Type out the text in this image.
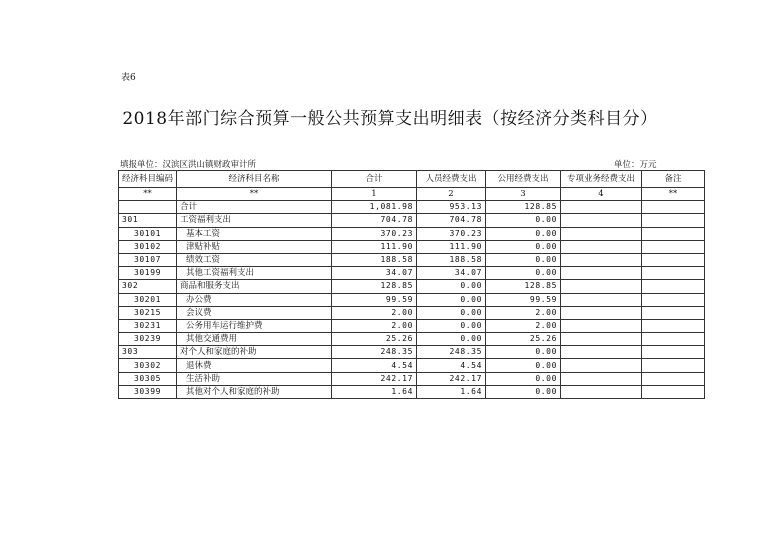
表6
2018年部门综合预算一般公共预算支出明细表（按经济分类科目分）
填报单位：汉滨区洪山镇财政审计所	单位：万元
经济科目编码	经济科目名称	合计	人员经费支出	公用经费支出	专项业务经费支出	备注
**	**	1	2	3	4	**
	合计	1,081.98	953.13	128.85		
301	工资福利支出	704.78	704.78	0.00		
30101	基本工资	370.23	370.23	0.00		
30102	津贴补贴	111.90	111.90	0.00		
30107	绩效工资	188.58	188.58	0.00		
30199	其他工资福利支出	34.07	34.07	0.00		
302	商品和服务支出	128.85	0.00	128.85		
30201	办公费	99.59	0.00	99.59		
30215	会议费	2.00	0.00	2.00		
30231	公务用车运行维护费	2.00	0.00	2.00		
30239	其他交通费用	25.26	0.00	25.26		
303	对个人和家庭的补助	248.35	248.35	0.00		
30302	退休费	4.54	4.54	0.00		
30305	生活补助	242.17	242.17	0.00		
30399	其他对个人和家庭的补助	1.64	1.64	0.00		
